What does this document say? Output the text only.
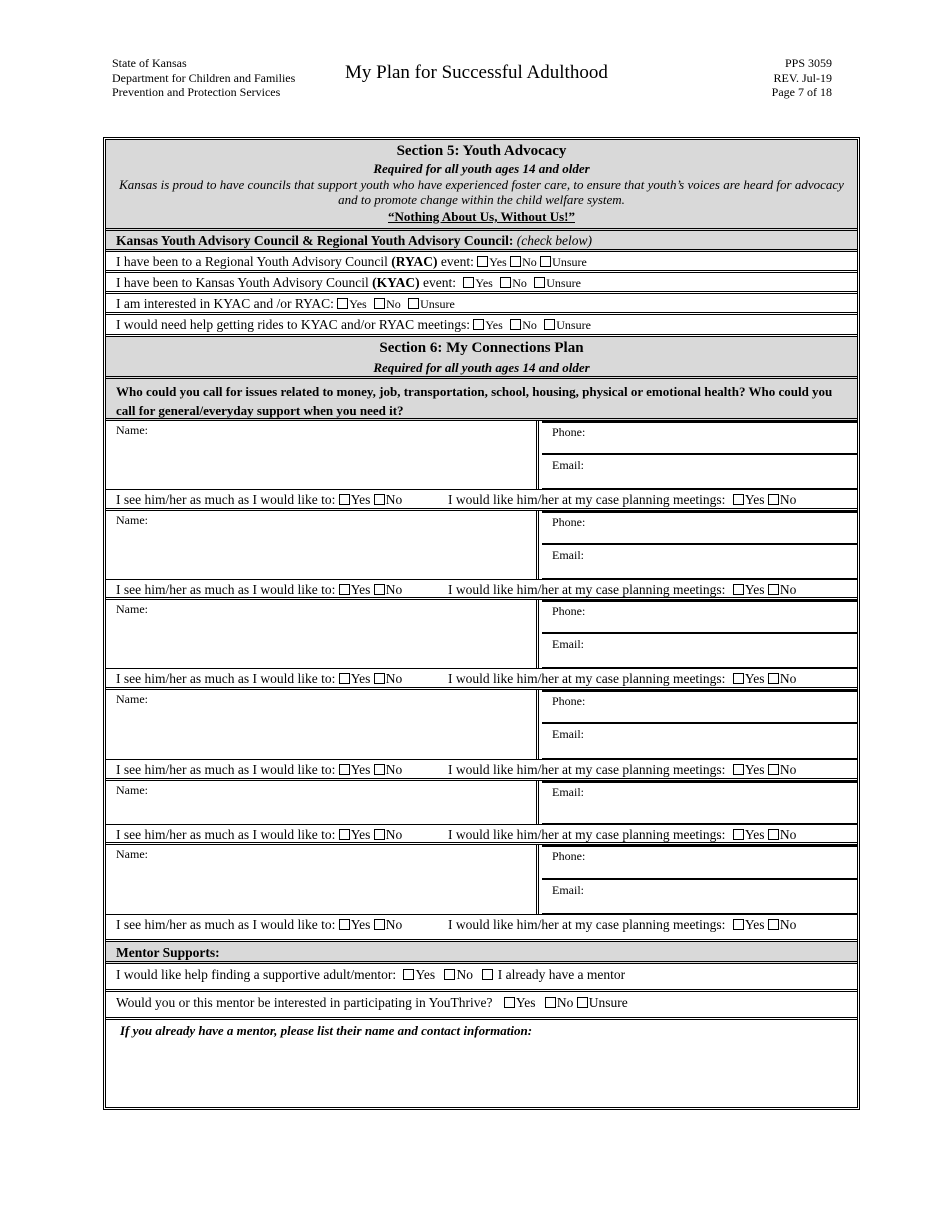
State of Kansas
Department for Children and Families
Prevention and Protection Services
My Plan for Successful Adulthood	PPS 3059
REV. Jul-19
Page 7 of 18
Section 5: Youth Advocacy
Required for all youth ages 14 and older
Kansas is proud to have councils that support youth who have experienced foster care, to ensure that youth’s voices are heard for advocacy and to promote change within the child welfare system.
“Nothing About Us, Without Us!”
Kansas Youth Advisory Council & Regional Youth Advisory Council: (check below)
I have been to a Regional Youth Advisory Council (RYAC) event: Yes No Unsure
I have been to Kansas Youth Advisory Council (KYAC) event: Yes No Unsure
I am interested in KYAC and /or RYAC: Yes No Unsure
I would need help getting rides to KYAC and/or RYAC meetings: Yes No Unsure
Section 6: My Connections Plan
Required for all youth ages 14 and older
Who could you call for issues related to money, job, transportation, school, housing, physical or emotional health? Who could you call for general/everyday support when you need it?
Name:	Phone:
Email:
I see him/her as much as I would like to: Yes No	I would like him/her at my case planning meetings: Yes No
Name:	Phone:
Email:
I see him/her as much as I would like to: Yes No	I would like him/her at my case planning meetings: Yes No
Name:	Phone:
Email:
I see him/her as much as I would like to: Yes No	I would like him/her at my case planning meetings: Yes No
Name:	Phone:
Email:
I see him/her as much as I would like to: Yes No	I would like him/her at my case planning meetings: Yes No
Name:	Email:
I see him/her as much as I would like to: Yes No	I would like him/her at my case planning meetings: Yes No
Name:	Phone:
Email:
I see him/her as much as I would like to: Yes No	I would like him/her at my case planning meetings: Yes No
Mentor Supports:
I would like help finding a supportive adult/mentor: Yes No I already have a mentor
Would you or this mentor be interested in participating in YouThrive? Yes No Unsure
If you already have a mentor, please list their name and contact information:
